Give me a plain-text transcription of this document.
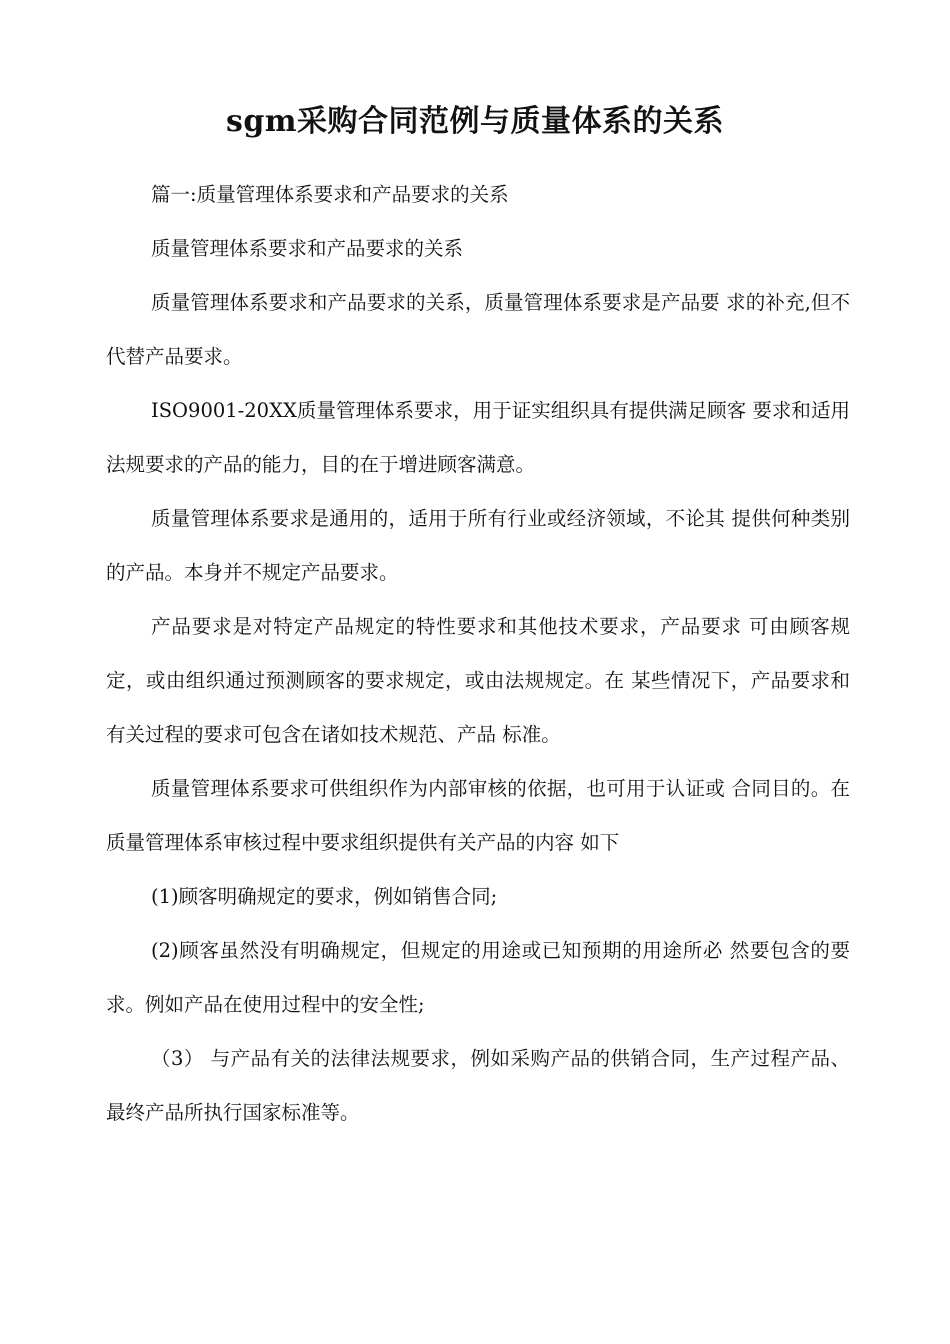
sgm采购合同范例与质量体系的关系

篇一:质量管理体系要求和产品要求的关系

质量管理体系要求和产品要求的关系

质量管理体系要求和产品要求的关系，质量管理体系要求是产品要 求的补充,但不代替产品要求。

ISO9001-20XX质量管理体系要求，用于证实组织具有提供满足顾客 要求和适用法规要求的产品的能力，目的在于增进顾客满意。

质量管理体系要求是通用的，适用于所有行业或经济领域，不论其 提供何种类别的产品。本身并不规定产品要求。

产品要求是对特定产品规定的特性要求和其他技术要求，产品要求 可由顾客规定，或由组织通过预测顾客的要求规定，或由法规规定。在 某些情况下，产品要求和有关过程的要求可包含在诸如技术规范、产品 标准。

质量管理体系要求可供组织作为内部审核的依据，也可用于认证或 合同目的。在质量管理体系审核过程中要求组织提供有关产品的内容 如下

(1)顾客明确规定的要求，例如销售合同;

(2)顾客虽然没有明确规定，但规定的用途或已知预期的用途所必 然要包含的要求。例如产品在使用过程中的安全性;

（3） 与产品有关的法律法规要求，例如采购产品的供销合同，生产过程产品、最终产品所执行国家标准等。
